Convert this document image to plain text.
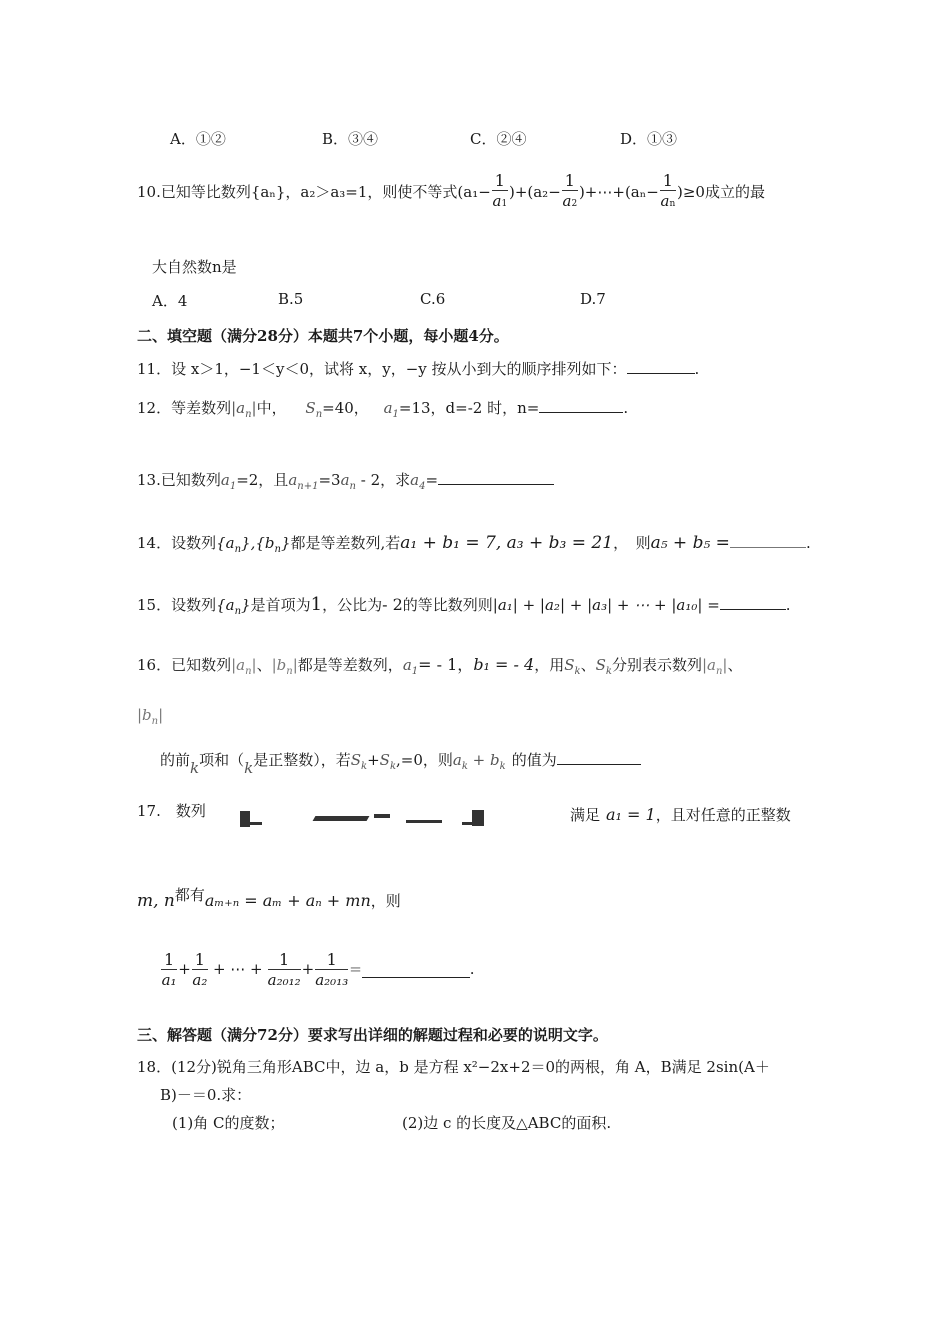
A．①②	B．③④	C．②④	D．①③
10.已知等比数列{aₙ}，a₂＞a₃=1，则使不等式$(a_1- \frac{1}{a1} )+(a_2- \frac{1}{a2}$ )+⋯+(aₙ− $\frac{1}{an} )\ge 0$成立的最
大自然数n是
A．4	B.5	C.6	D.7
二、填空题（满分28分）本题共7个小题，每小题4分。
11．设 x＞1，−1＜y＜0，试将 x，y，−y 按从小到大的顺序排列如下：	.
12．等差数列$|a_n|$中， $S_n=40$， $a_1=13$，d=-2 时，n=	.
13.已知数列$a_1=2$，且$a_{n+1}=3a_n - 2$，求$a_4=$
14．设数列$\{a_n\},\{b_n\}$都是等差数列,若a₁ + b₁ = 7, a₃ + b₃ = 21，　则a₅ + b₅ =	.
15．设数列$\{a_n\}$是首项为1，公比为- 2的等比数列则|a₁| + |a₂| + |a₃| + ⋯ + |a₁₀| =	.
16．已知数列$|a_n|$、$|b_n|$都是等差数列，$a_1= - 1$，b₁ = - 4，用$S_k$、$S_k$分别表示数列$|a_n|$、
$|b_n|$
的前k项和（k是正整数），若$S_k+S_k,=0$，则$a_k + b_k$ 的值为
17.　数列	满足 a₁ = 1，且对任意的正整数
m, n都有aₘ₊ₙ = aₘ + aₙ + mn，则
$\frac{1}{\text{a₁}} + \frac{1}{\text{a₂}}$ + ⋯ + $\frac{1}{\text{a₂₀₁₂}} + \frac{1}{\text{a₂₀₁₃}}$ =	.
三、解答题（满分72分）要求写出详细的解题过程和必要的说明文字。
18．(12分)锐角三角形ABC中，边 a，b 是方程 x²−2x+2＝0的两根，角 A，B满足 2sin(A＋
B)－＝0.求：
(1)角 C的度数；	(2)边 c 的长度及△ABC的面积.
